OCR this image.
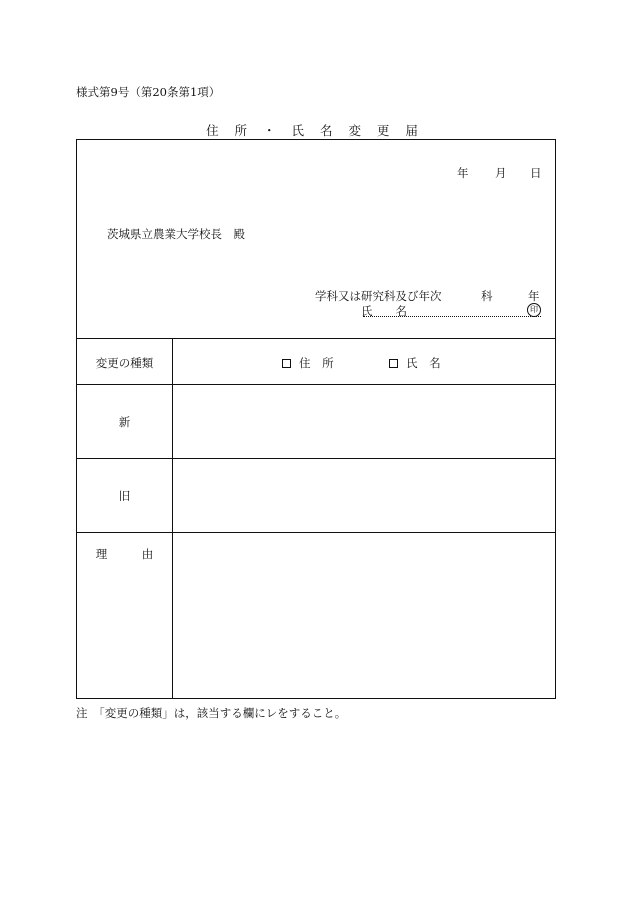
様式第9号（第20条第1項）
住 所 ・ 氏 名 変 更 届
年 月 日
茨城県立農業大学校長　殿
学科又は研究科及び年次	科	年
氏　　名	印
変更の種類	住 所	氏 名
新
旧
理　　　由
注　「変更の種類」は，該当する欄にレをすること。
